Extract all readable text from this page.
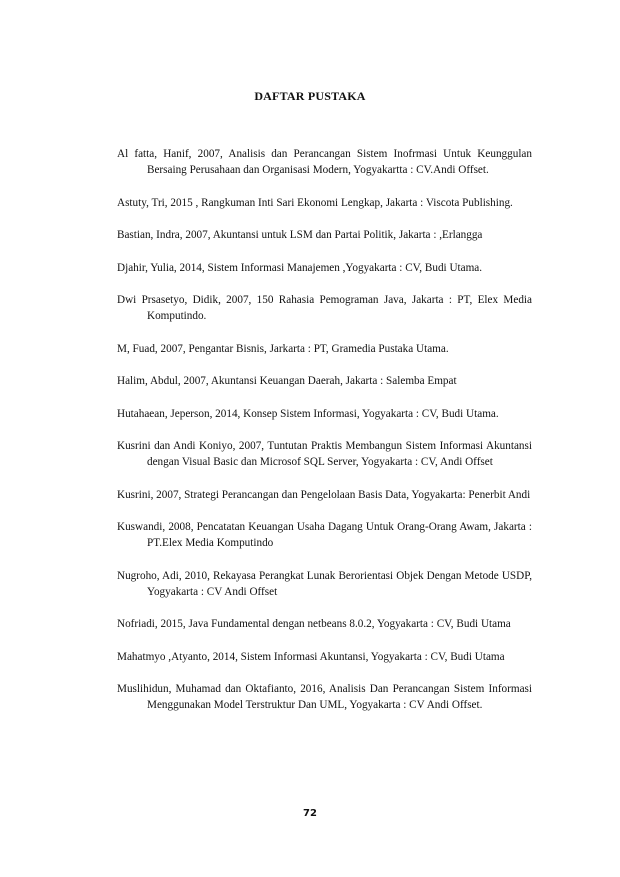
DAFTAR PUSTAKA
Al fatta, Hanif, 2007, Analisis dan Perancangan Sistem Inofrmasi Untuk Keunggulan Bersaing Perusahaan dan Organisasi Modern, Yogyakartta : CV.Andi Offset.
Astuty, Tri, 2015 , Rangkuman Inti Sari Ekonomi Lengkap, Jakarta : Viscota Publishing.
Bastian, Indra, 2007, Akuntansi untuk LSM dan Partai Politik, Jakarta : ,Erlangga
Djahir, Yulia, 2014, Sistem Informasi Manajemen ,Yogyakarta : CV, Budi Utama.
Dwi Prsasetyo, Didik, 2007, 150 Rahasia Pemograman Java, Jakarta : PT, Elex Media Komputindo.
M, Fuad, 2007, Pengantar Bisnis, Jarkarta : PT, Gramedia Pustaka Utama.
Halim, Abdul, 2007, Akuntansi Keuangan Daerah, Jakarta : Salemba Empat
Hutahaean, Jeperson, 2014, Konsep Sistem Informasi, Yogyakarta : CV, Budi Utama.
Kusrini dan Andi Koniyo, 2007, Tuntutan Praktis Membangun Sistem Informasi Akuntansi dengan Visual Basic dan Microsof SQL Server, Yogyakarta : CV, Andi Offset
Kusrini, 2007, Strategi Perancangan dan Pengelolaan Basis Data, Yogyakarta: Penerbit Andi
Kuswandi, 2008, Pencatatan Keuangan Usaha Dagang Untuk Orang-Orang Awam, Jakarta : PT.Elex Media Komputindo
Nugroho, Adi, 2010, Rekayasa Perangkat Lunak Berorientasi Objek Dengan Metode USDP, Yogyakarta : CV Andi Offset
Nofriadi, 2015, Java Fundamental dengan netbeans 8.0.2, Yogyakarta : CV, Budi Utama
Mahatmyo ,Atyanto, 2014, Sistem Informasi Akuntansi, Yogyakarta : CV, Budi Utama
Muslihidun, Muhamad dan Oktafianto, 2016, Analisis Dan Perancangan Sistem Informasi Menggunakan Model Terstruktur Dan UML, Yogyakarta : CV Andi Offset.
72
